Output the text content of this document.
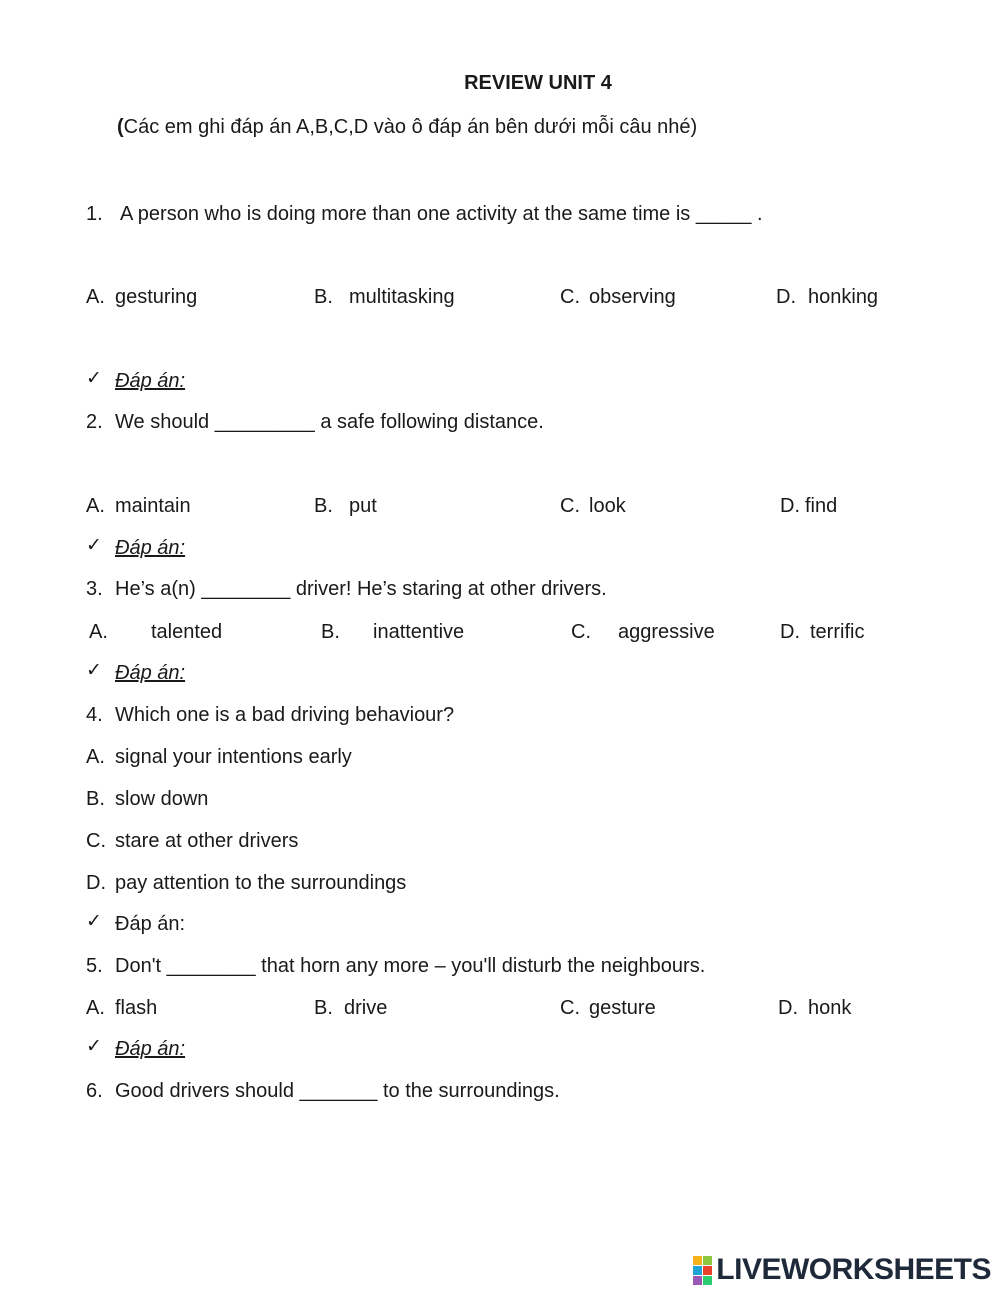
REVIEW UNIT 4
(Các em ghi đáp án A,B,C,D vào ô đáp án bên dưới mỗi câu nhé)
1. A person who is doing more than one activity at the same time is _____ .
A. gesturing	B. multitasking	C. observing	D. honking
✓ Đáp án:
2. We should _________ a safe following distance.
A. maintain	B. put	C. look	D. find
✓ Đáp án:
3. He’s a(n) ________ driver! He’s staring at other drivers.
A. talented	B. inattentive	C. aggressive	D. terrific
✓ Đáp án:
4. Which one is a bad driving behaviour?
A. signal your intentions early
B. slow down
C. stare at other drivers
D. pay attention to the surroundings
✓ Đáp án:
5. Don't ________ that horn any more – you'll disturb the neighbours.
A. flash	B. drive	C. gesture	D. honk
✓ Đáp án:
6. Good drivers should _______ to the surroundings.
LIVEWORKSHEETS
